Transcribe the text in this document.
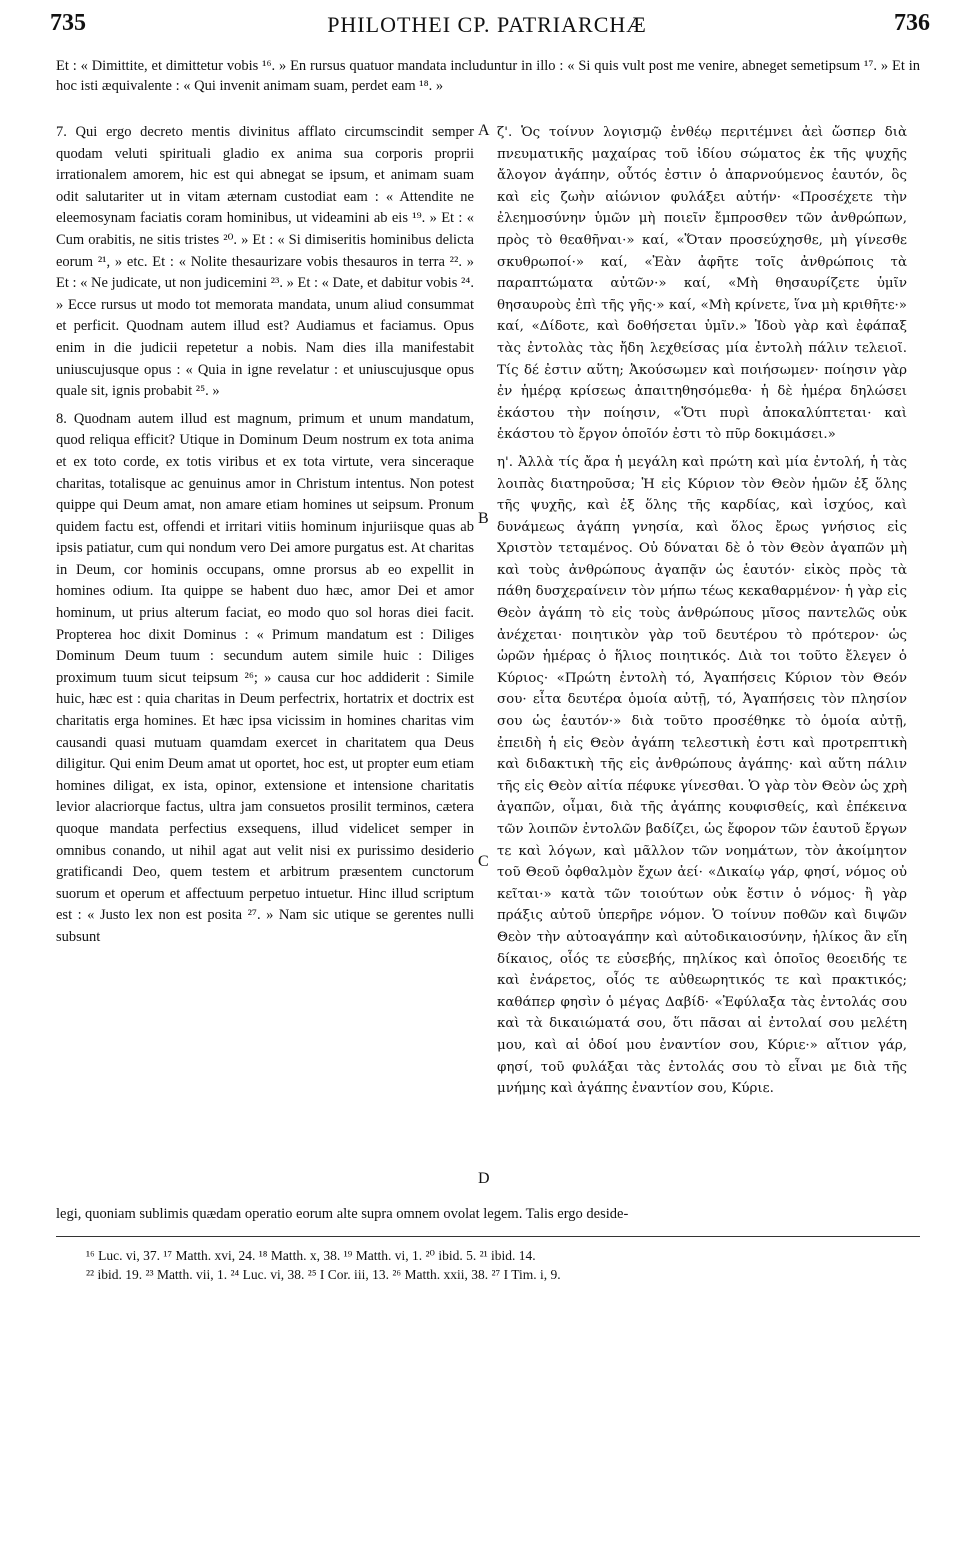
735	PHILOTHEI CP. PATRIARCHÆ	736

Et : « Dimittite, et dimittetur vobis ¹⁶. » En rursus quatuor mandata includuntur in illo : « Si quis vult post me venire, abneget semetipsum ¹⁷. » Et in hoc isti æquivalente : « Qui invenit animam suam, perdet eam ¹⁸. »

7. Qui ergo decreto mentis divinitus afflato circumscindit semper quodam veluti spirituali gladio ex anima sua corporis proprii irrationalem amorem, hic est qui abnegat se ipsum, et animam suam odit salutariter ut in vitam æternam custodiat eam : « Attendite ne eleemosynam faciatis coram hominibus, ut videamini ab eis ¹⁹. » Et : « Cum orabitis, ne sitis tristes ²⁰. » Et : « Si dimiseritis hominibus delicta eorum ²¹, » etc. Et : « Nolite thesaurizare vobis thesauros in terra ²². » Et : « Ne judicate, ut non judicemini ²³. » Et : « Date, et dabitur vobis ²⁴. » Ecce rursus ut modo tot memorata mandata, unum aliud consummat et perficit. Quodnam autem illud est? Audiamus et faciamus. Opus enim in die judicii repetetur a nobis. Nam dies illa manifestabit uniuscujusque opus : « Quia in igne revelatur : et uniuscujusque opus quale sit, ignis probabit ²⁵. »

8. Quodnam autem illud est magnum, primum et unum mandatum, quod reliqua efficit? Utique in Dominum Deum nostrum ex tota anima et ex toto corde, ex totis viribus et ex tota virtute, vera sinceraque charitas, totalisque ac genuinus amor in Christum intentus. Non potest quippe qui Deum amat, non amare etiam homines ut seipsum. Pronum quidem factu est, offendi et irritari vitiis hominum injuriisque quas ab ipsis patiatur, cum qui nondum vero Dei amore purgatus est. At charitas in Deum, cor hominis occupans, omne prorsus ab eo expellit in homines odium. Ita quippe se habent duo hæc, amor Dei et amor hominum, ut prius alterum faciat, eo modo quo sol horas diei facit. Propterea hoc dixit Dominus : « Primum mandatum est : Diliges Dominum Deum tuum : secundum autem simile huic : Diliges proximum tuum sicut teipsum ²⁶; » causa cur hoc addiderit : Simile huic, hæc est : quia charitas in Deum perfectrix, hortatrix et doctrix est charitatis erga homines. Et hæc ipsa vicissim in homines charitas vim causandi quasi mutuam quamdam exercet in charitatem qua Deus diligitur. Qui enim Deum amat ut oportet, hoc est, ut propter eum etiam homines diligat, ex ista, opinor, extensione et intensione charitatis levior alacriorque factus, ultra jam consuetos prosilit terminos, cætera quoque mandata perfectius exsequens, illud videlicet semper in omnibus conando, ut nihil agat aut velit nisi ex purissimo desiderio gratificandi Deo, quem testem et arbitrum præsentem cunctorum suorum et operum et affectuum perpetuo intuetur. Hinc illud scriptum est : « Justo lex non est posita ²⁷. » Nam sic utique se gerentes nulli subsunt

A
B
C
D

ζ'. Ὁς τοίνυν λογισμῷ ἐνθέῳ περιτέμνει ἀεὶ ὥσπερ διὰ πνευματικῆς μαχαίρας τοῦ ἰδίου σώματος ἐκ τῆς ψυχῆς ἄλογον ἀγάπην, οὗτός ἐστιν ὁ ἀπαρνούμενος ἑαυτόν, ὃς καὶ εἰς ζωὴν αἰώνιον φυλάξει αὐτήν· «Προσέχετε τὴν ἐλεημοσύνην ὑμῶν μὴ ποιεῖν ἔμπροσθεν τῶν ἀνθρώπων, πρὸς τὸ θεαθῆναι·» καί, «Ὅταν προσεύχησθε, μὴ γίνεσθε σκυθρωποί·» καί, «Ἐὰν ἀφῆτε τοῖς ἀνθρώποις τὰ παραπτώματα αὐτῶν·» καί, «Μὴ θησαυρίζετε ὑμῖν θησαυροὺς ἐπὶ τῆς γῆς·» καί, «Μὴ κρίνετε, ἵνα μὴ κριθῆτε·» καί, «Δίδοτε, καὶ δοθήσεται ὑμῖν.» Ἰδοὺ γὰρ καὶ ἐφάπαξ τὰς ἐντολὰς τὰς ἤδη λεχθείσας μία ἐντολὴ πάλιν τελειοῖ. Τίς δέ ἐστιν αὕτη; Ἀκούσωμεν καὶ ποιήσωμεν· ποίησιν γὰρ ἐν ἡμέρᾳ κρίσεως ἀπαιτηθησόμεθα· ἡ δὲ ἡμέρα δηλώσει ἑκάστου τὴν ποίησιν, «Ὅτι πυρὶ ἀποκαλύπτεται· καὶ ἑκάστου τὸ ἔργον ὁποῖόν ἐστι τὸ πῦρ δοκιμάσει.»

η'. Ἀλλὰ τίς ἄρα ἡ μεγάλη καὶ πρώτη καὶ μία ἐντολή, ἡ τὰς λοιπὰς διατηροῦσα; Ἡ εἰς Κύριον τὸν Θεὸν ἡμῶν ἐξ ὅλης τῆς ψυχῆς, καὶ ἐξ ὅλης τῆς καρδίας, καὶ ἰσχύος, καὶ δυνάμεως ἀγάπη γνησία, καὶ ὅλος ἔρως γνήσιος εἰς Χριστὸν τεταμένος. Οὐ δύναται δὲ ὁ τὸν Θεὸν ἀγαπῶν μὴ καὶ τοὺς ἀνθρώπους ἀγαπᾷν ὡς ἑαυτόν· εἰκὸς πρὸς τὰ πάθη δυσχεραίνειν τὸν μήπω τέως κεκαθαρμένον· ἡ γὰρ εἰς Θεὸν ἀγάπη τὸ εἰς τοὺς ἀνθρώπους μῖσος παντελῶς οὐκ ἀνέχεται· ποιητικὸν γὰρ τοῦ δευτέρου τὸ πρότερον· ὡς ὡρῶν ἡμέρας ὁ ἥλιος ποιητικός. Διὰ τοι τοῦτο ἔλεγεν ὁ Κύριος· «Πρώτη ἐντολὴ τό, Ἀγαπήσεις Κύριον τὸν Θεόν σου· εἶτα δευτέρα ὁμοία αὐτῇ, τό, Ἀγαπήσεις τὸν πλησίον σου ὡς ἑαυτόν·» διὰ τοῦτο προσέθηκε τὸ ὁμοία αὐτῇ, ἐπειδὴ ἡ εἰς Θεὸν ἀγάπη τελεστικὴ ἐστι καὶ προτρεπτικὴ καὶ διδακτικὴ τῆς εἰς ἀνθρώπους ἀγάπης· καὶ αὕτη πάλιν τῆς εἰς Θεὸν αἰτία πέφυκε γίνεσθαι. Ὁ γὰρ τὸν Θεὸν ὡς χρὴ ἀγαπῶν, οἶμαι, διὰ τῆς ἀγάπης κουφισθείς, καὶ ἐπέκεινα τῶν λοιπῶν ἐντολῶν βαδίζει, ὡς ἔφορον τῶν ἑαυτοῦ ἔργων τε καὶ λόγων, καὶ μᾶλλον τῶν νοημάτων, τὸν ἀκοίμητον τοῦ Θεοῦ ὀφθαλμὸν ἔχων ἀεί· «Δικαίῳ γάρ, φησί, νόμος οὐ κεῖται·» κατὰ τῶν τοιούτων οὐκ ἔστιν ὁ νόμος· ἢ γὰρ πράξις αὐτοῦ ὑπερῆρε νόμον. Ὁ τοίνυν ποθῶν καὶ διψῶν Θεὸν τὴν αὐτοαγάπην καὶ αὐτοδικαιοσύνην, ἡλίκος ἂν εἴη δίκαιος, οἷός τε εὐσεβής, πηλίκος καὶ ὁποῖος θεοειδής τε καὶ ἐνάρετος, οἷός τε αὐθεωρητικός τε καὶ πρακτικός; καθάπερ φησὶν ὁ μέγας Δαβίδ· «Ἐφύλαξα τὰς ἐντολάς σου καὶ τὰ δικαιώματά σου, ὅτι πᾶσαι αἱ ἐντολαί σου μελέτη μου, καὶ αἱ ὁδοί μου ἐναντίον σου, Κύριε·» αἴτιον γάρ, φησί, τοῦ φυλάξαι τὰς ἐντολάς σου τὸ εἶναι με διὰ τῆς μνήμης καὶ ἀγάπης ἐναντίον σου, Κύριε.

legi, quoniam sublimis quædam operatio eorum alte supra omnem ovolat legem. Talis ergo deside-

¹⁶ Luc. vi, 37. ¹⁷ Matth. xvi, 24. ¹⁸ Matth. x, 38. ¹⁹ Matth. vi, 1. ²⁰ ibid. 5. ²¹ ibid. 14.
²² ibid. 19. ²³ Matth. vii, 1. ²⁴ Luc. vi, 38. ²⁵ I Cor. iii, 13. ²⁶ Matth. xxii, 38. ²⁷ I Tim. i, 9.
